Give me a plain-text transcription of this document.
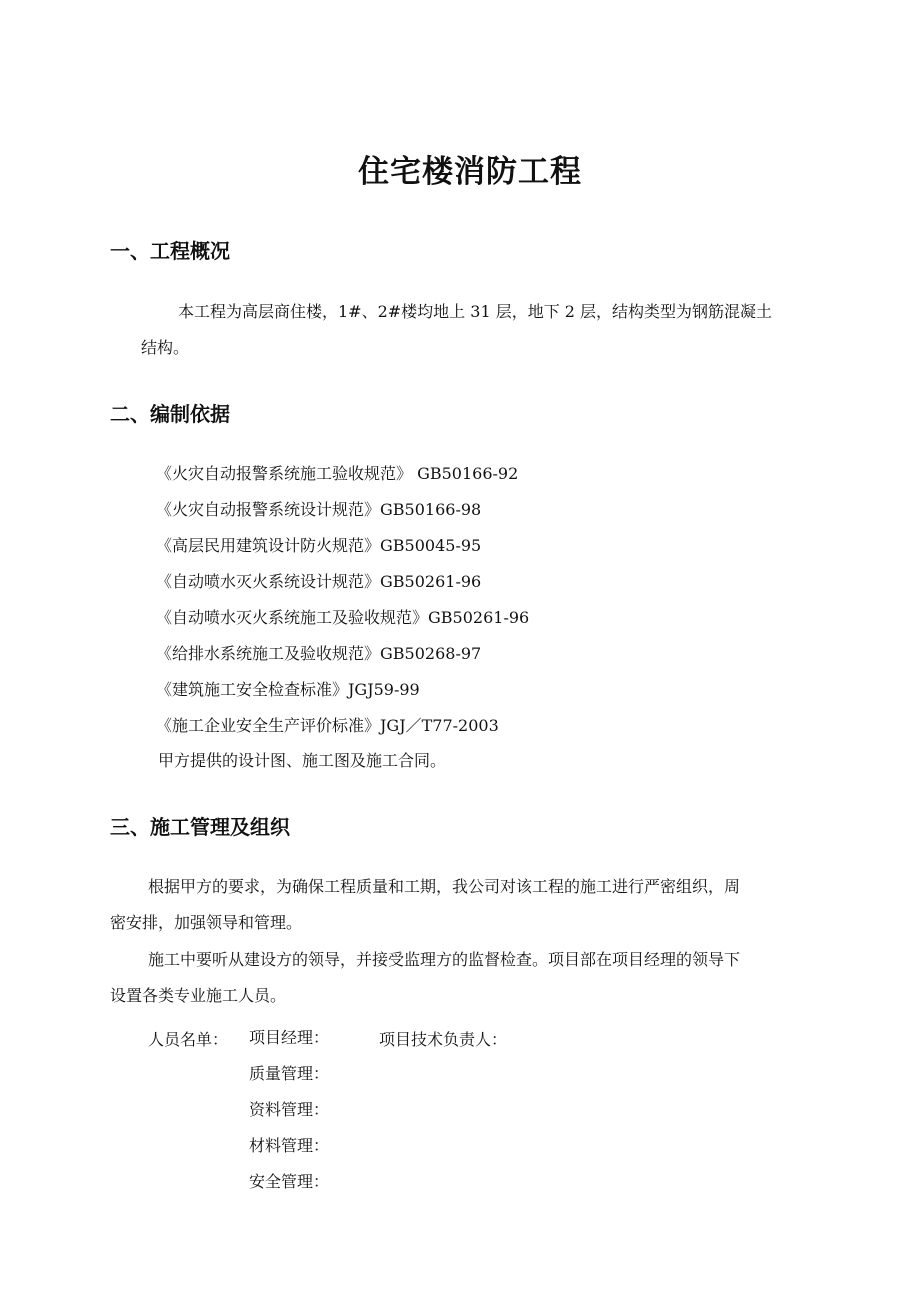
住宅楼消防工程
一、工程概况

本工程为高层商住楼，1#、2#楼均地上 31 层，地下 2 层，结构类型为钢筋混凝土

结构。

二、编制依据
《火灾自动报警系统施工验收规范》 GB50166-92
《火灾自动报警系统设计规范》GB50166-98
《高层民用建筑设计防火规范》GB50045-95
《自动喷水灭火系统设计规范》GB50261-96
《自动喷水灭火系统施工及验收规范》GB50261-96
《给排水系统施工及验收规范》GB50268-97
《建筑施工安全检查标准》JGJ59-99
《施工企业安全生产评价标准》JGJ／T77-2003

甲方提供的设计图、施工图及施工合同。

三、施工管理及组织

根据甲方的要求，为确保工程质量和工期，我公司对该工程的施工进行严密组织，周

密安排，加强领导和管理。

施工中要听从建设方的领导，并接受监理方的监督检查。项目部在项目经理的领导下

设置各类专业施工人员。

人员名单： 项目经理：
质量管理：
资料管理：
材料管理：
安全管理：

项目技术负责人：
